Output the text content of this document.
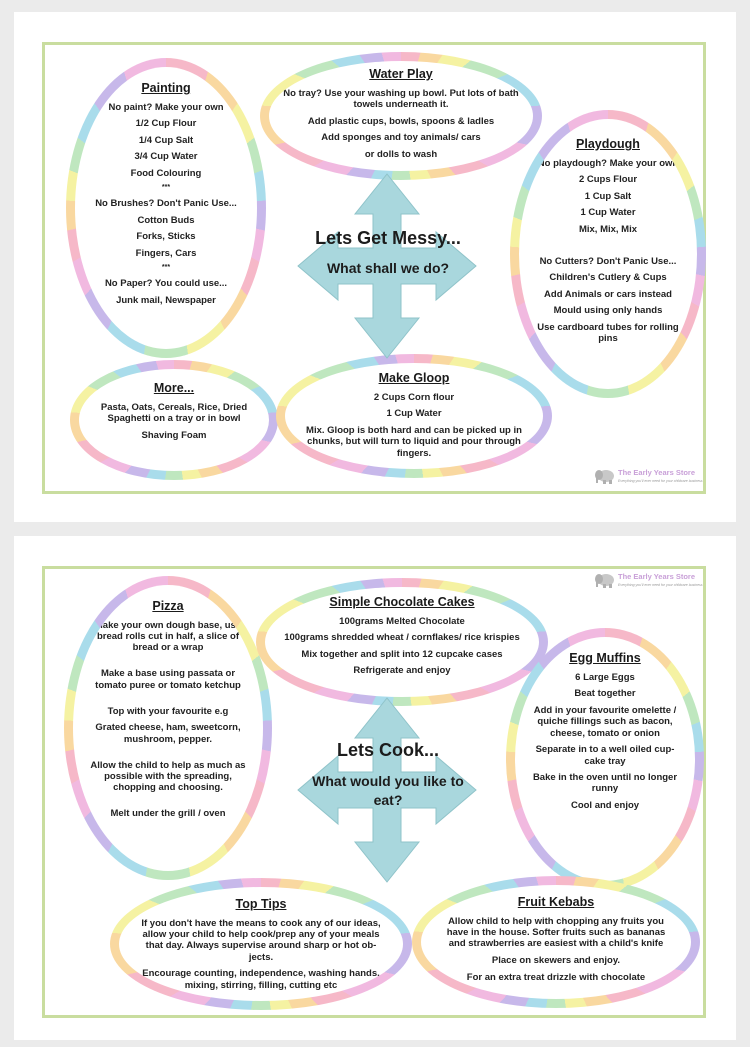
Painting
No paint? Make your own
1/2 Cup Flour
1/4 Cup Salt
3/4 Cup Water
Food Colouring
***
No Brushes? Don't Panic Use...
Cotton Buds
Forks, Sticks
Fingers, Cars
***
No Paper? You could use...
Junk mail, Newspaper
Water Play
No tray? Use your washing up bowl. Put lots of bath towels underneath it.
Add plastic cups, bowls, spoons & ladles
Add sponges and toy animals/ cars
or dolls to wash
Playdough
No playdough? Make your own
2 Cups Flour
1 Cup Salt
1 Cup Water
Mix, Mix, Mix
No Cutters? Don't Panic Use...
Children's Cutlery & Cups
Add Animals or cars instead
Mould using only hands
Use cardboard tubes for rolling pins
More...
Pasta, Oats, Cereals, Rice, Dried Spaghetti on a tray or in bowl
Shaving Foam
Make Gloop
2 Cups Corn flour
1 Cup Water
Mix. Gloop is both hard and can be picked up in chunks, but will turn to liquid and pour through fingers.
Lets Get Messy...
What shall we do?
The Early Years Store
Everything you'll ever need for your childcare business
Pizza
Make your own dough base, use bread rolls cut in half, a slice of bread or a wrap
Make a base using passata or tomato puree or tomato ketchup
Top with your favourite e.g
Grated cheese, ham, sweetcorn, mushroom, pepper.
Allow the child to help as much as possible with the spreading, chopping and choosing.
Melt under the grill / oven
Simple Chocolate Cakes
100grams Melted Chocolate
100grams shredded wheat / cornflakes/ rice krispies
Mix together and split into 12 cupcake cases
Refrigerate and enjoy
Egg Muffins
6 Large Eggs
Beat together
Add in your favourite omelette / quiche fillings such as bacon, cheese, tomato or onion
Separate in to a well oiled cup-cake tray
Bake in the oven until no longer runny
Cool and enjoy
Top Tips
If you don't have the means to cook any of our ideas, allow your child to help cook/prep any of your meals that day. Always supervise around sharp or hot ob-jects.
Encourage counting, independence, washing hands, mixing, stirring, filling, cutting etc
Fruit Kebabs
Allow child to help with chopping any fruits you have in the house. Softer fruits such as bananas and strawberries are easiest with a child's knife
Place on skewers and enjoy.
For an extra treat drizzle with chocolate
Lets Cook...
What would you like to eat?
The Early Years Store
Everything you'll ever need for your childcare business
